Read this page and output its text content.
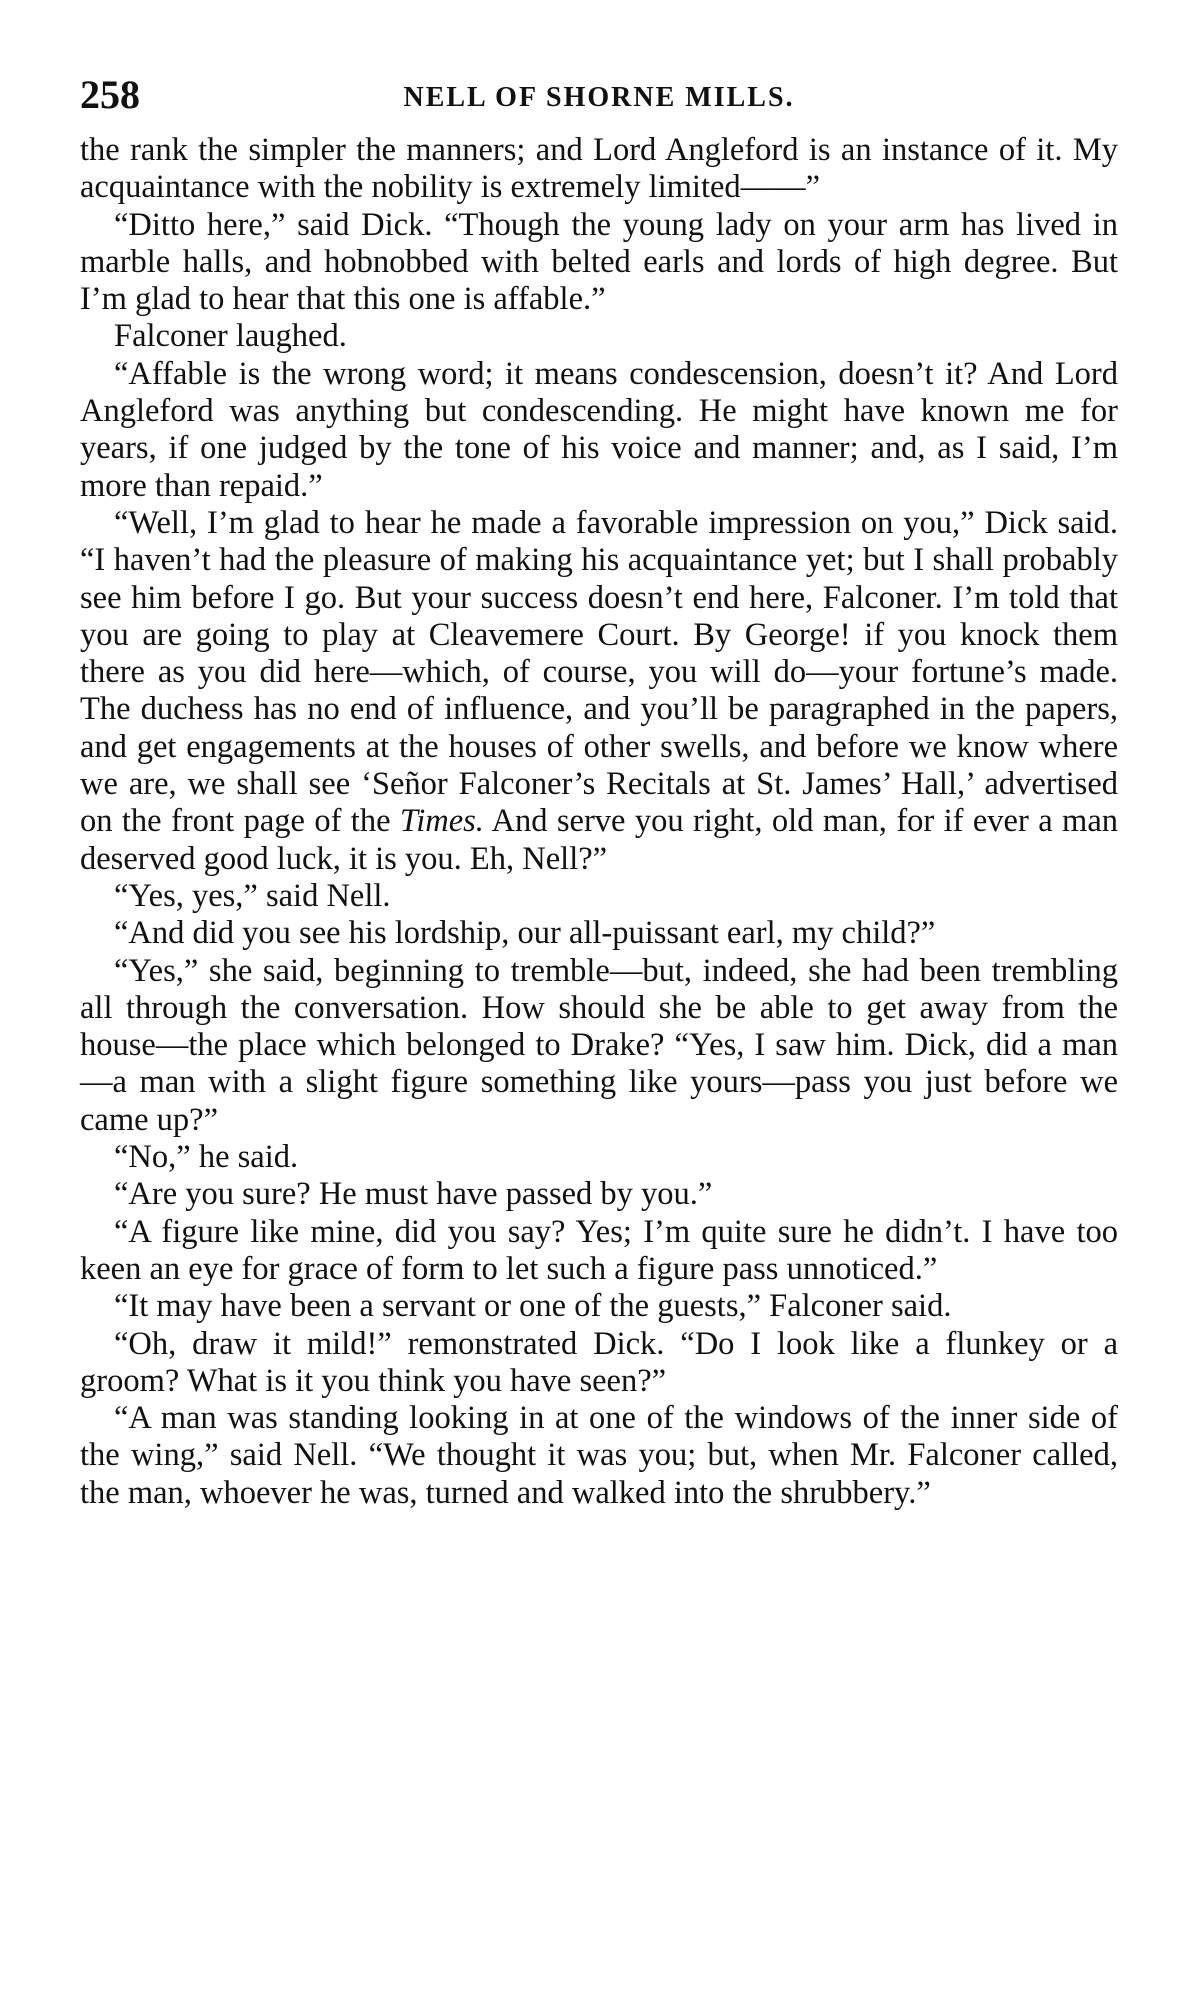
258	NELL OF SHORNE MILLS.

the rank the simpler the manners; and Lord Angleford is an instance of it. My acquaintance with the nobility is extremely limited——”

“Ditto here,” said Dick. “Though the young lady on your arm has lived in marble halls, and hobnobbed with belted earls and lords of high degree. But I’m glad to hear that this one is affable.”

Falconer laughed.

“Affable is the wrong word; it means condescension, doesn’t it? And Lord Angleford was anything but condescending. He might have known me for years, if one judged by the tone of his voice and manner; and, as I said, I’m more than repaid.”

“Well, I’m glad to hear he made a favorable impression on you,” Dick said. “I haven’t had the pleasure of making his acquaintance yet; but I shall probably see him before I go. But your success doesn’t end here, Falconer. I’m told that you are going to play at Cleavemere Court. By George! if you knock them there as you did here—which, of course, you will do—your fortune’s made. The duchess has no end of influence, and you’ll be paragraphed in the papers, and get engagements at the houses of other swells, and before we know where we are, we shall see ‘Señor Falconer’s Recitals at St. James’ Hall,’ advertised on the front page of the Times. And serve you right, old man, for if ever a man deserved good luck, it is you. Eh, Nell?”

“Yes, yes,” said Nell.

“And did you see his lordship, our all-puissant earl, my child?”

“Yes,” she said, beginning to tremble—but, indeed, she had been trembling all through the conversation. How should she be able to get away from the house—the place which belonged to Drake? “Yes, I saw him. Dick, did a man—a man with a slight figure something like yours—pass you just before we came up?”

“No,” he said.

“Are you sure? He must have passed by you.”

“A figure like mine, did you say? Yes; I’m quite sure he didn’t. I have too keen an eye for grace of form to let such a figure pass unnoticed.”

“It may have been a servant or one of the guests,” Falconer said.

“Oh, draw it mild!” remonstrated Dick. “Do I look like a flunkey or a groom? What is it you think you have seen?”

“A man was standing looking in at one of the windows of the inner side of the wing,” said Nell. “We thought it was you; but, when Mr. Falconer called, the man, whoever he was, turned and walked into the shrubbery.”
